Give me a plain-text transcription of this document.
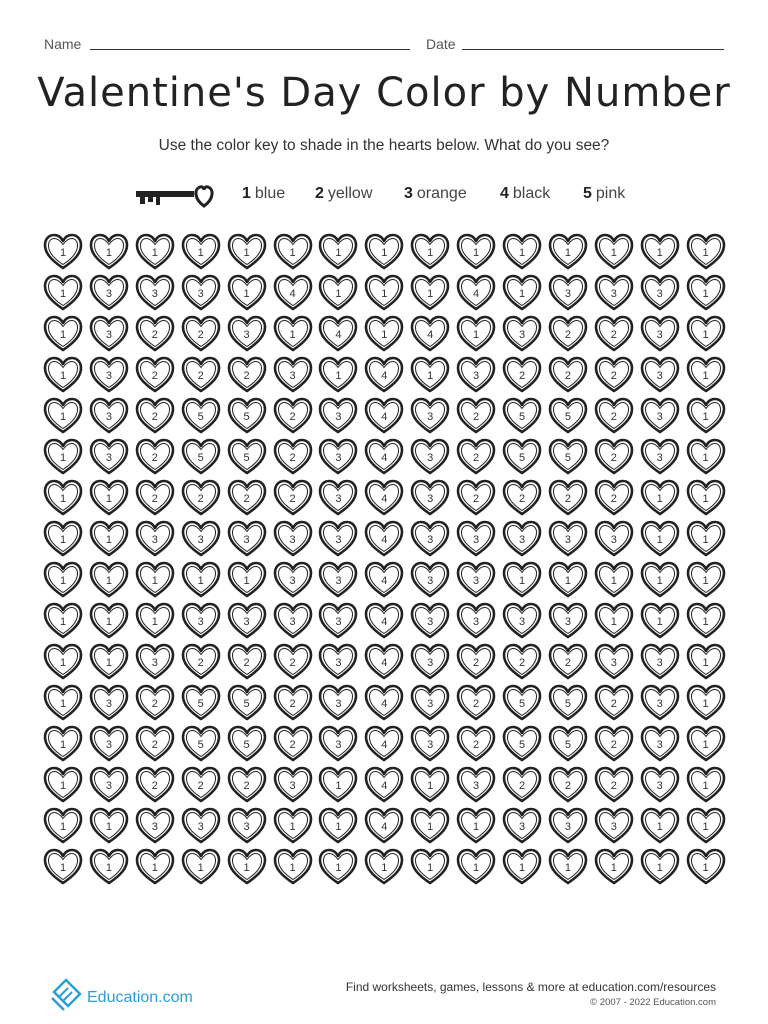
Name	Date
Valentine's Day Color by Number
Use the color key to shade in the hearts below. What do you see?
1 blue 2 yellow 3 orange 4 black 5 pink
1	1	1	1	1	1	1	1	1	1	1	1	1	1	1
1	3	3	3	1	4	1	1	1	4	1	3	3	3	1
1	3	2	2	3	1	4	1	4	1	3	2	2	3	1
1	3	2	2	2	3	1	4	1	3	2	2	2	3	1
1	3	2	5	5	2	3	4	3	2	5	5	2	3	1
1	3	2	5	5	2	3	4	3	2	5	5	2	3	1
1	1	2	2	2	2	3	4	3	2	2	2	2	1	1
1	1	3	3	3	3	3	4	3	3	3	3	3	1	1
1	1	1	1	1	3	3	4	3	3	1	1	1	1	1
1	1	1	3	3	3	3	4	3	3	3	3	1	1	1
1	1	3	2	2	2	3	4	3	2	2	2	3	3	1
1	3	2	5	5	2	3	4	3	2	5	5	2	3	1
1	3	2	5	5	2	3	4	3	2	5	5	2	3	1
1	3	2	2	2	3	1	4	1	3	2	2	2	3	1
1	1	3	3	3	1	1	4	1	1	3	3	3	1	1
1	1	1	1	1	1	1	1	1	1	1	1	1	1	1
Education.com
Find worksheets, games, lessons & more at education.com/resources
© 2007 - 2022 Education.com
